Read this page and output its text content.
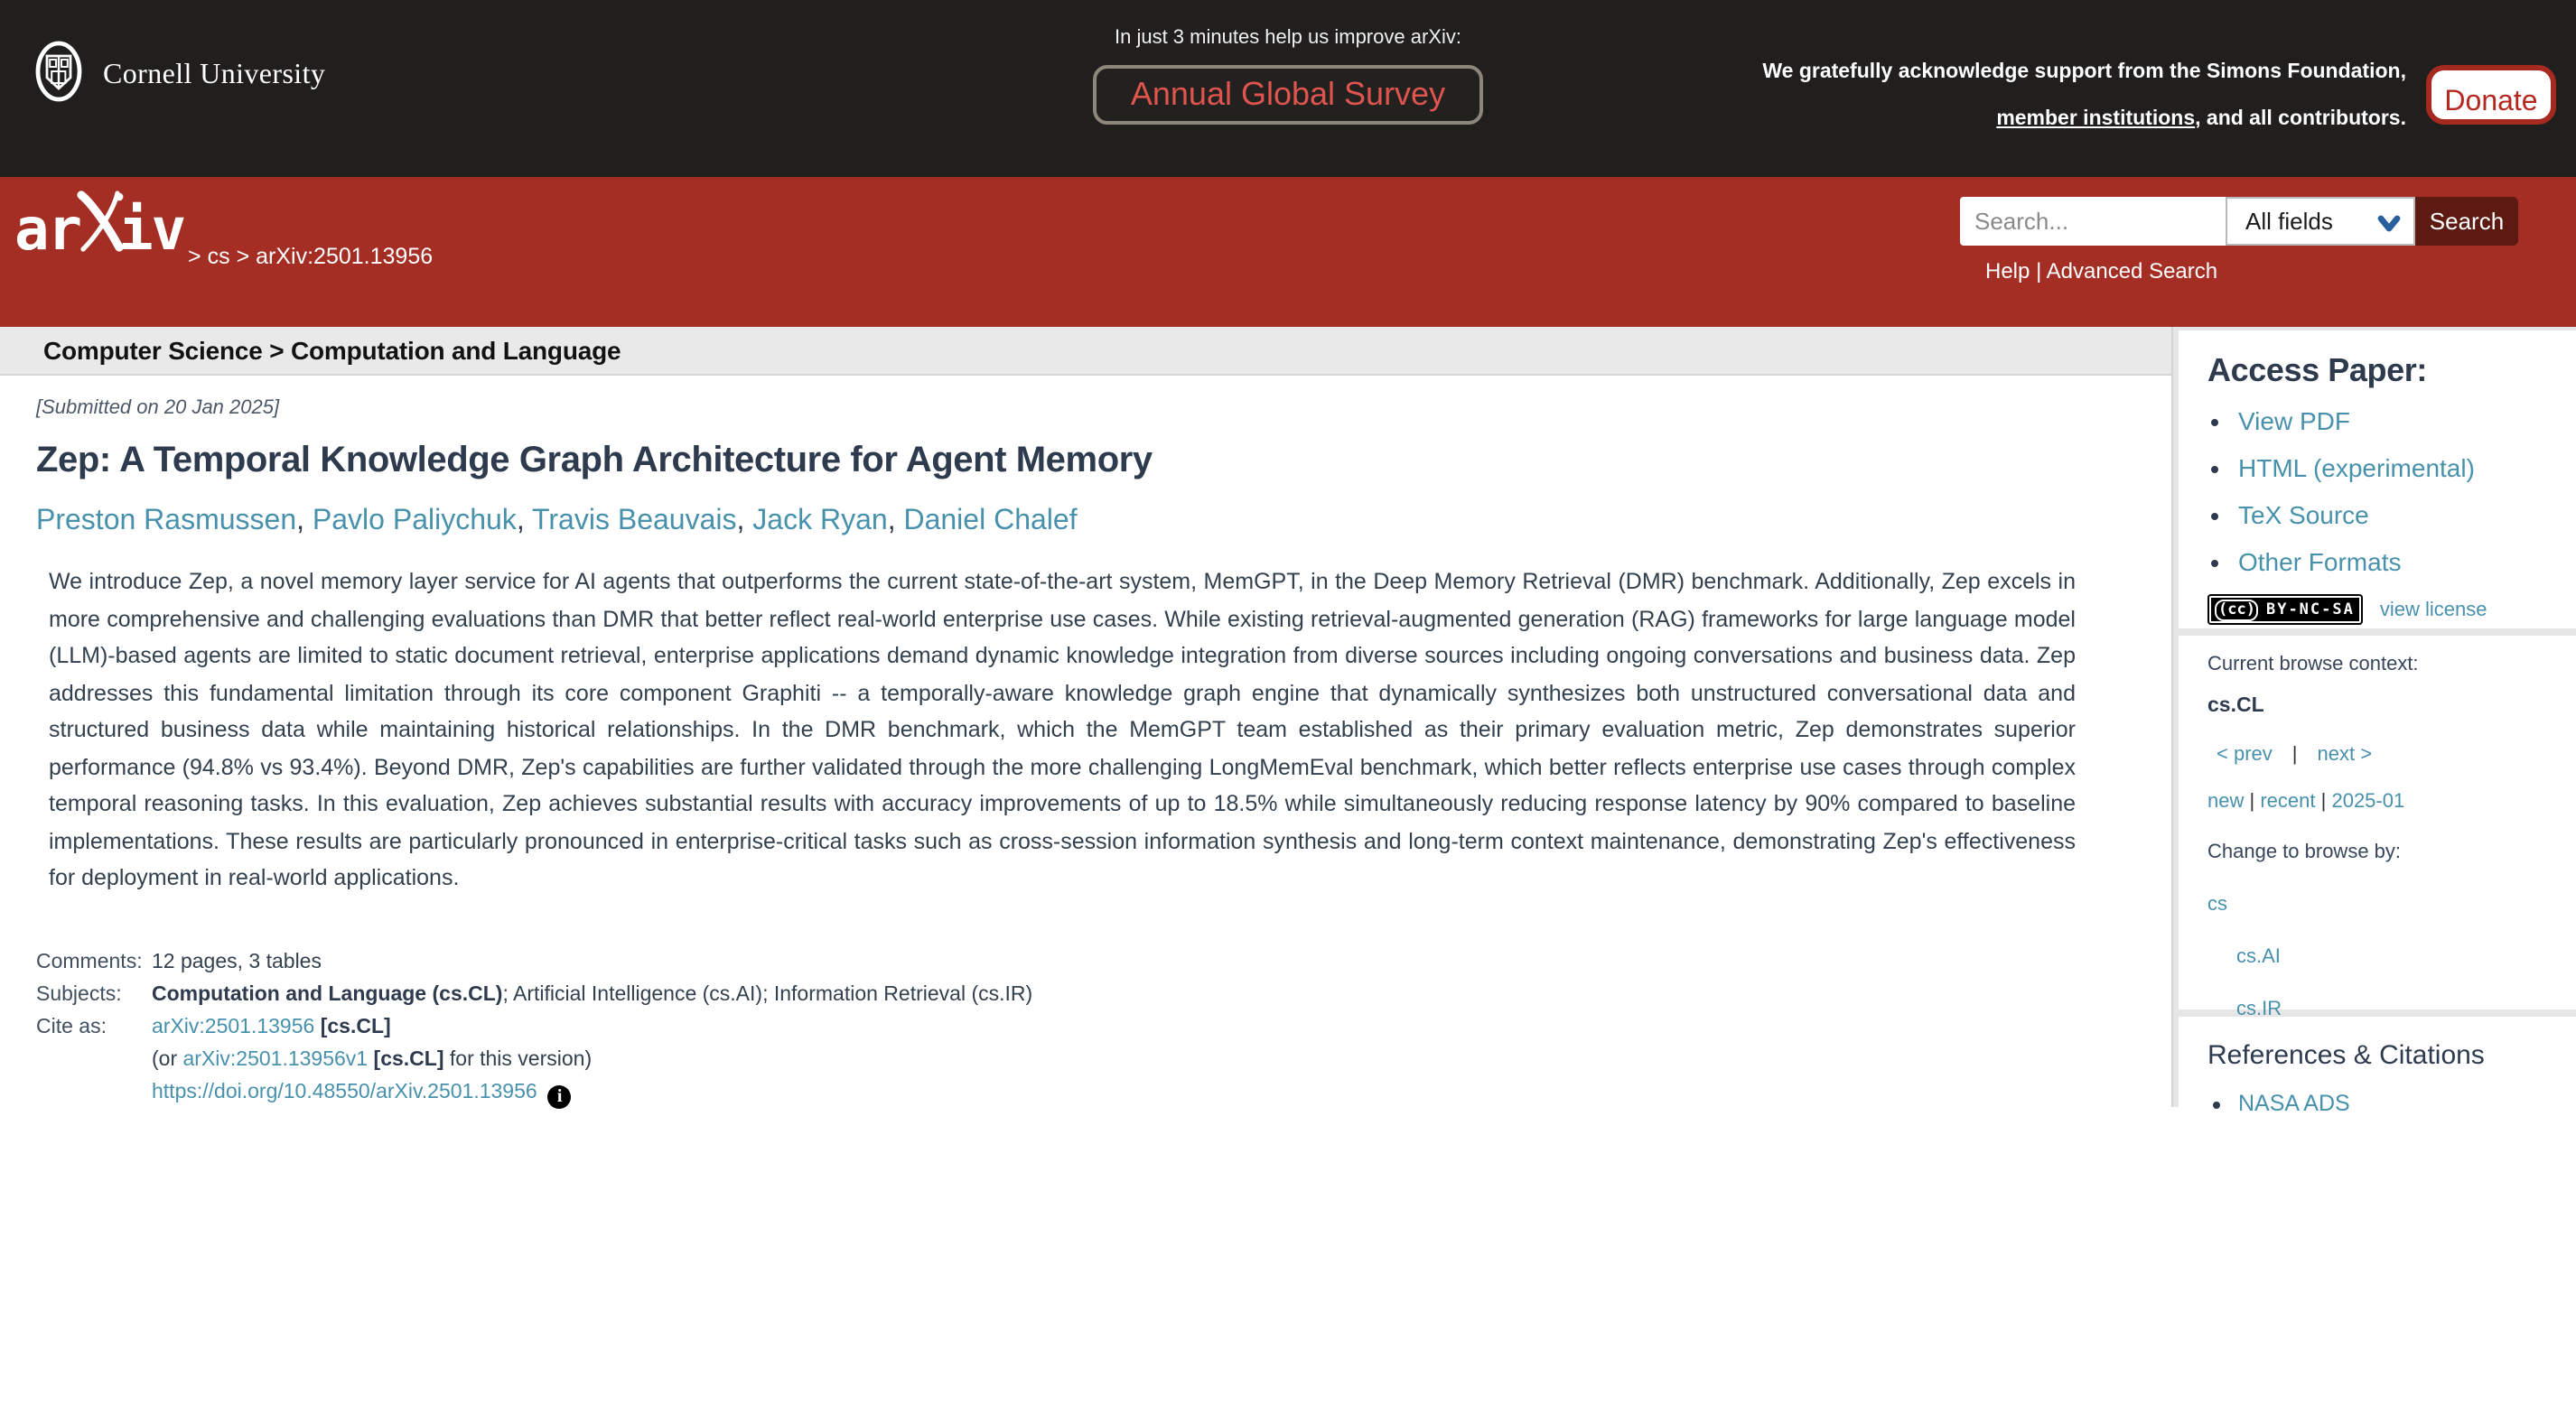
Cornell University
In just 3 minutes help us improve arXiv:
Annual Global Survey
We gratefully acknowledge support from the Simons Foundation,
member institutions, and all contributors.
Donate
ar iv > cs > arXiv:2501.13956
Search...
All fields	Search
Help | Advanced Search
Computer Science > Computation and Language
[Submitted on 20 Jan 2025]
Zep: A Temporal Knowledge Graph Architecture for Agent Memory
Preston Rasmussen, Pavlo Paliychuk, Travis Beauvais, Jack Ryan, Daniel Chalef

We introduce Zep, a novel memory layer service for AI agents that outperforms the current state-of-the-art system, MemGPT, in the Deep Memory Retrieval (DMR) benchmark. Additionally, Zep excels in more comprehensive and challenging evaluations than DMR that better reflect real-world enterprise use cases. While existing retrieval-augmented generation (RAG) frameworks for large language model (LLM)-based agents are limited to static document retrieval, enterprise applications demand dynamic knowledge integration from diverse sources including ongoing conversations and business data. Zep addresses this fundamental limitation through its core component Graphiti -- a temporally-aware knowledge graph engine that dynamically synthesizes both unstructured conversational data and structured business data while maintaining historical relationships. In the DMR benchmark, which the MemGPT team established as their primary evaluation metric, Zep demonstrates superior performance (94.8% vs 93.4%). Beyond DMR, Zep's capabilities are further validated through the more challenging LongMemEval benchmark, which better reflects enterprise use cases through complex temporal reasoning tasks. In this evaluation, Zep achieves substantial results with accuracy improvements of up to 18.5% while simultaneously reducing response latency by 90% compared to baseline implementations. These results are particularly pronounced in enterprise-critical tasks such as cross-session information synthesis and long-term context maintenance, demonstrating Zep's effectiveness for deployment in real-world applications.

Comments:	12 pages, 3 tables
Subjects:	Computation and Language (cs.CL); Artificial Intelligence (cs.AI); Information Retrieval (cs.IR)
Cite as:	arXiv:2501.13956 [cs.CL]
(or arXiv:2501.13956v1 [cs.CL] for this version)
https://doi.org/10.48550/arXiv.2501.13956 i
Access Paper:
• View PDF
• HTML (experimental)
• TeX Source
• Other Formats
(cc)	BY-NC-SA	view license
Current browse context:
cs.CL
< prev | next >
new | recent | 2025-01
Change to browse by:
cs
cs.AI
cs.IR
References & Citations
• NASA ADS
